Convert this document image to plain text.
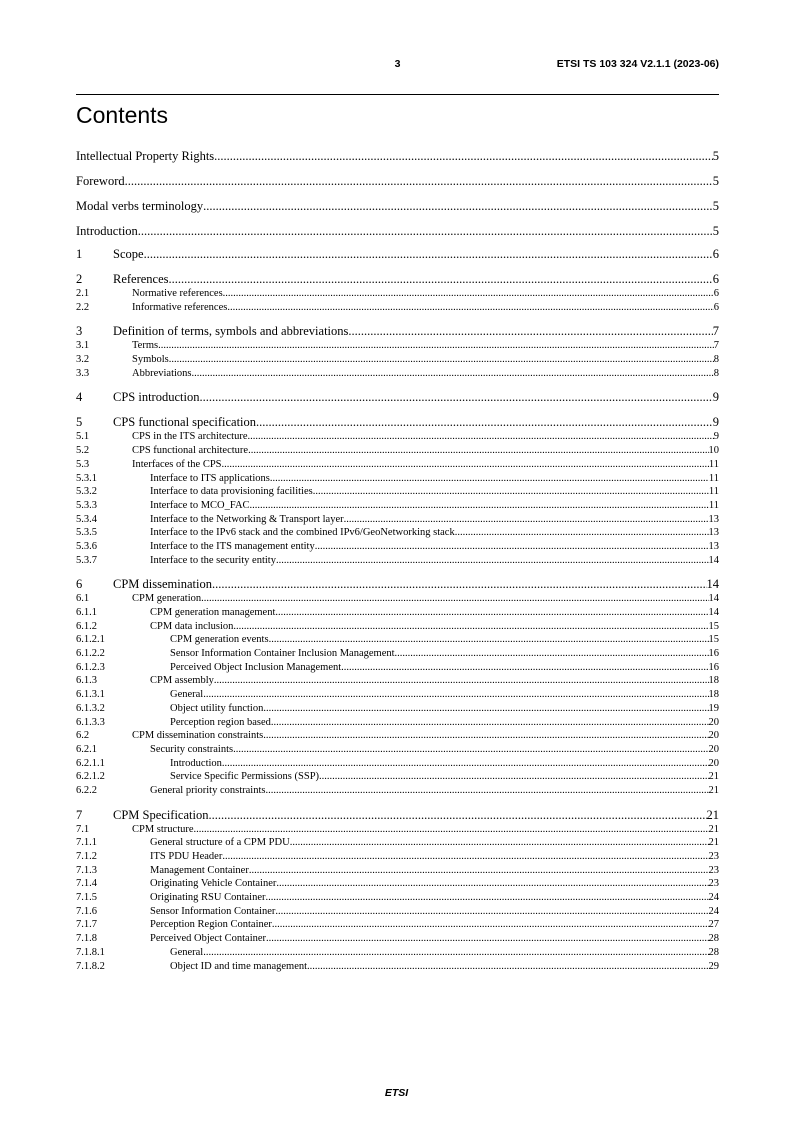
3	ETSI TS 103 324 V2.1.1 (2023-06)
Contents
Intellectual Property Rights .....	5
Foreword .....	5
Modal verbs terminology .....	5
Introduction .....	5
1	Scope .....	6
2	References .....	6
2.1	Normative references .....	6
2.2	Informative references .....	6
3	Definition of terms, symbols and abbreviations .....	7
3.1	Terms .....	7
3.2	Symbols .....	8
3.3	Abbreviations .....	8
4	CPS introduction .....	9
5	CPS functional specification .....	9
5.1	CPS in the ITS architecture .....	9
5.2	CPS functional architecture .....	10
5.3	Interfaces of the CPS .....	11
5.3.1	Interface to ITS applications .....	11
5.3.2	Interface to data provisioning facilities .....	11
5.3.3	Interface to MCO_FAC .....	11
5.3.4	Interface to the Networking & Transport layer .....	13
5.3.5	Interface to the IPv6 stack and the combined IPv6/GeoNetworking stack .....	13
5.3.6	Interface to the ITS management entity .....	13
5.3.7	Interface to the security entity .....	14
6	CPM dissemination .....	14
6.1	CPM generation .....	14
6.1.1	CPM generation management .....	14
6.1.2	CPM data inclusion .....	15
6.1.2.1	CPM generation events .....	15
6.1.2.2	Sensor Information Container Inclusion Management .....	16
6.1.2.3	Perceived Object Inclusion Management .....	16
6.1.3	CPM assembly .....	18
6.1.3.1	General .....	18
6.1.3.2	Object utility function .....	19
6.1.3.3	Perception region based .....	20
6.2	CPM dissemination constraints .....	20
6.2.1	Security constraints .....	20
6.2.1.1	Introduction .....	20
6.2.1.2	Service Specific Permissions (SSP) .....	21
6.2.2	General priority constraints .....	21
7	CPM Specification .....	21
7.1	CPM structure .....	21
7.1.1	General structure of a CPM PDU .....	21
7.1.2	ITS PDU Header .....	23
7.1.3	Management Container .....	23
7.1.4	Originating Vehicle Container .....	23
7.1.5	Originating RSU Container .....	24
7.1.6	Sensor Information Container .....	24
7.1.7	Perception Region Container .....	27
7.1.8	Perceived Object Container .....	28
7.1.8.1	General .....	28
7.1.8.2	Object ID and time management .....	29
ETSI
